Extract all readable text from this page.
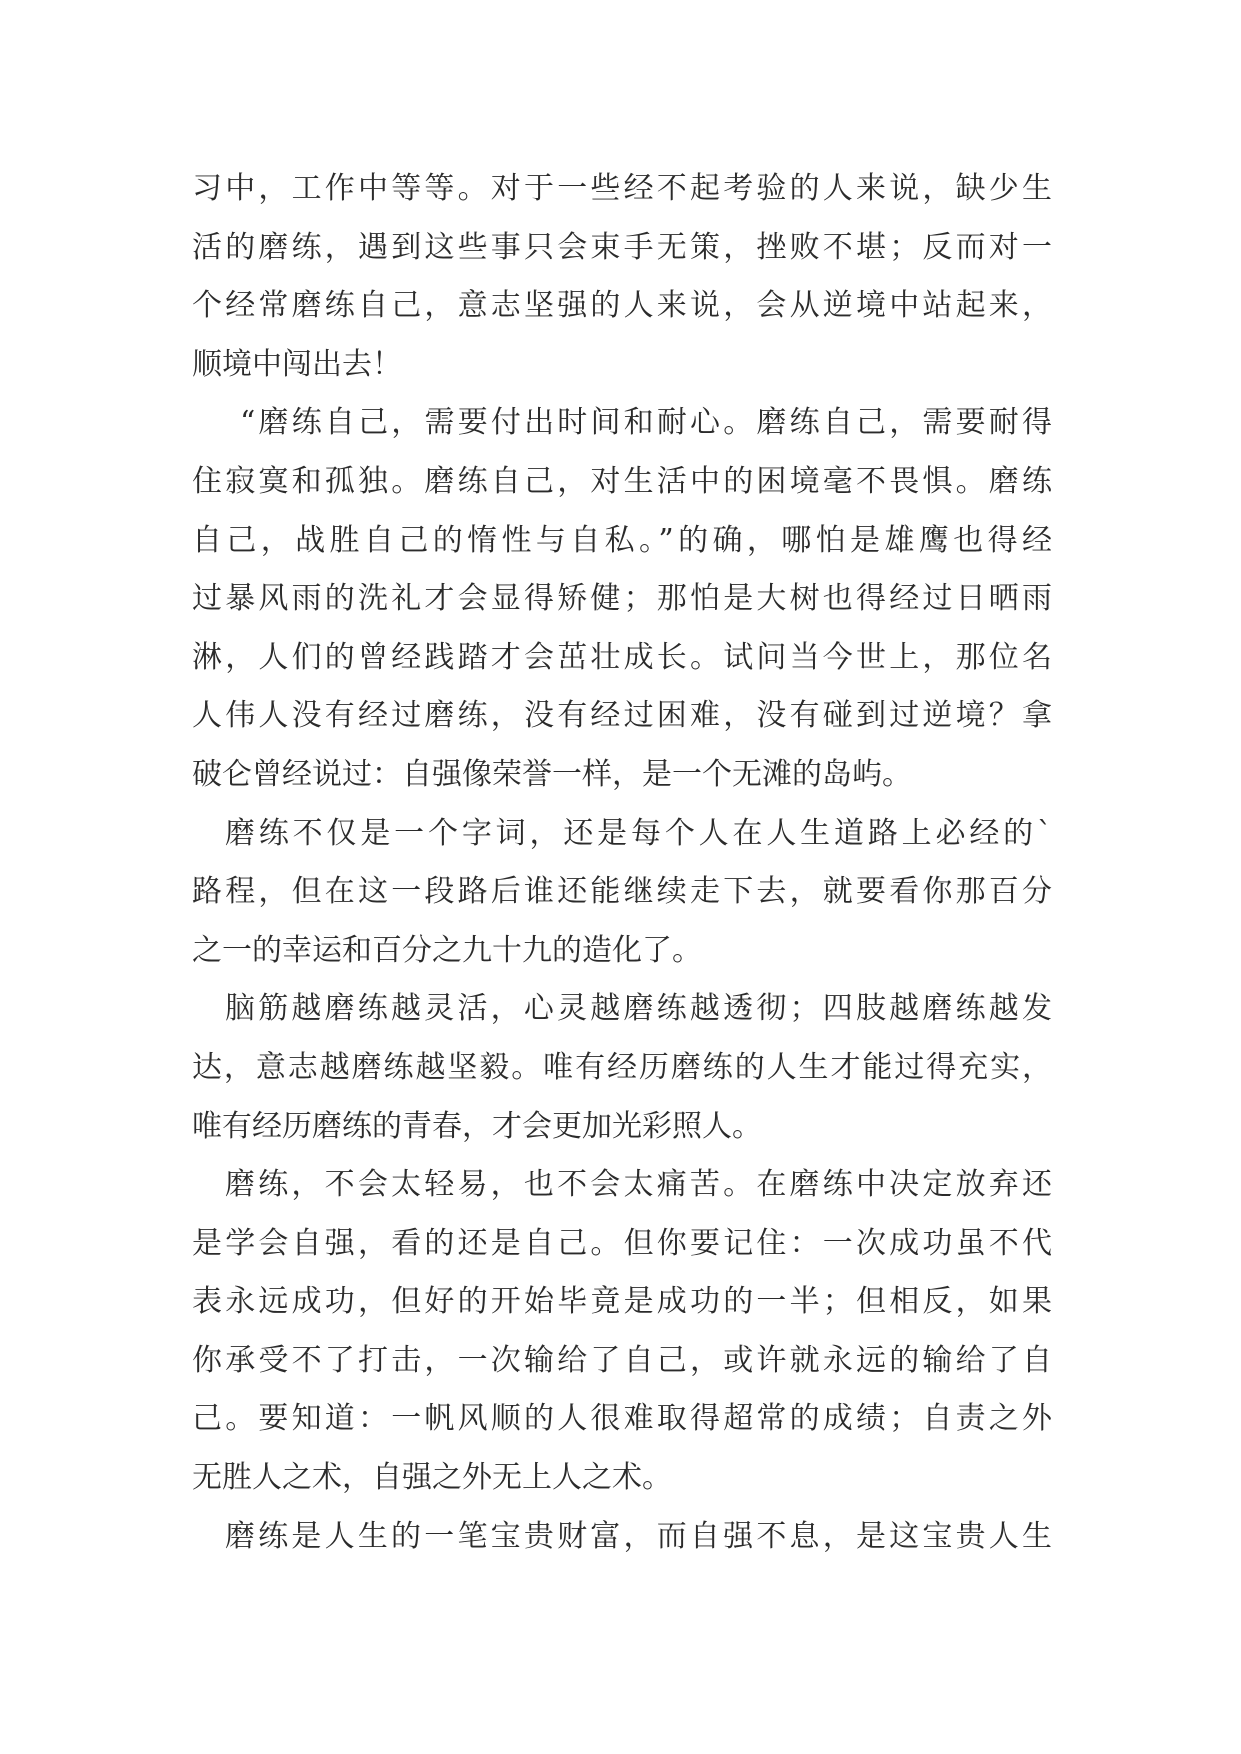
习中，工作中等等。对于一些经不起考验的人来说，缺少生
活的磨练，遇到这些事只会束手无策，挫败不堪；反而对一
个经常磨练自己，意志坚强的人来说，会从逆境中站起来，
顺境中闯出去！
“磨练自己，需要付出时间和耐心。磨练自己，需要耐得
住寂寞和孤独。磨练自己，对生活中的困境毫不畏惧。磨练
自己，战胜自己的惰性与自私。”的确，哪怕是雄鹰也得经
过暴风雨的洗礼才会显得矫健；那怕是大树也得经过日晒雨
淋，人们的曾经践踏才会茁壮成长。试问当今世上，那位名
人伟人没有经过磨练，没有经过困难，没有碰到过逆境？拿
破仑曾经说过：自强像荣誉一样，是一个无滩的岛屿。
磨练不仅是一个字词，还是每个人在人生道路上必经的`
路程，但在这一段路后谁还能继续走下去，就要看你那百分
之一的幸运和百分之九十九的造化了。
脑筋越磨练越灵活，心灵越磨练越透彻；四肢越磨练越发
达，意志越磨练越坚毅。唯有经历磨练的人生才能过得充实，
唯有经历磨练的青春，才会更加光彩照人。
磨练，不会太轻易，也不会太痛苦。在磨练中决定放弃还
是学会自强，看的还是自己。但你要记住：一次成功虽不代
表永远成功，但好的开始毕竟是成功的一半；但相反，如果
你承受不了打击，一次输给了自己，或许就永远的输给了自
己。要知道：一帆风顺的人很难取得超常的成绩；自责之外
无胜人之术，自强之外无上人之术。
磨练是人生的一笔宝贵财富，而自强不息，是这宝贵人生
